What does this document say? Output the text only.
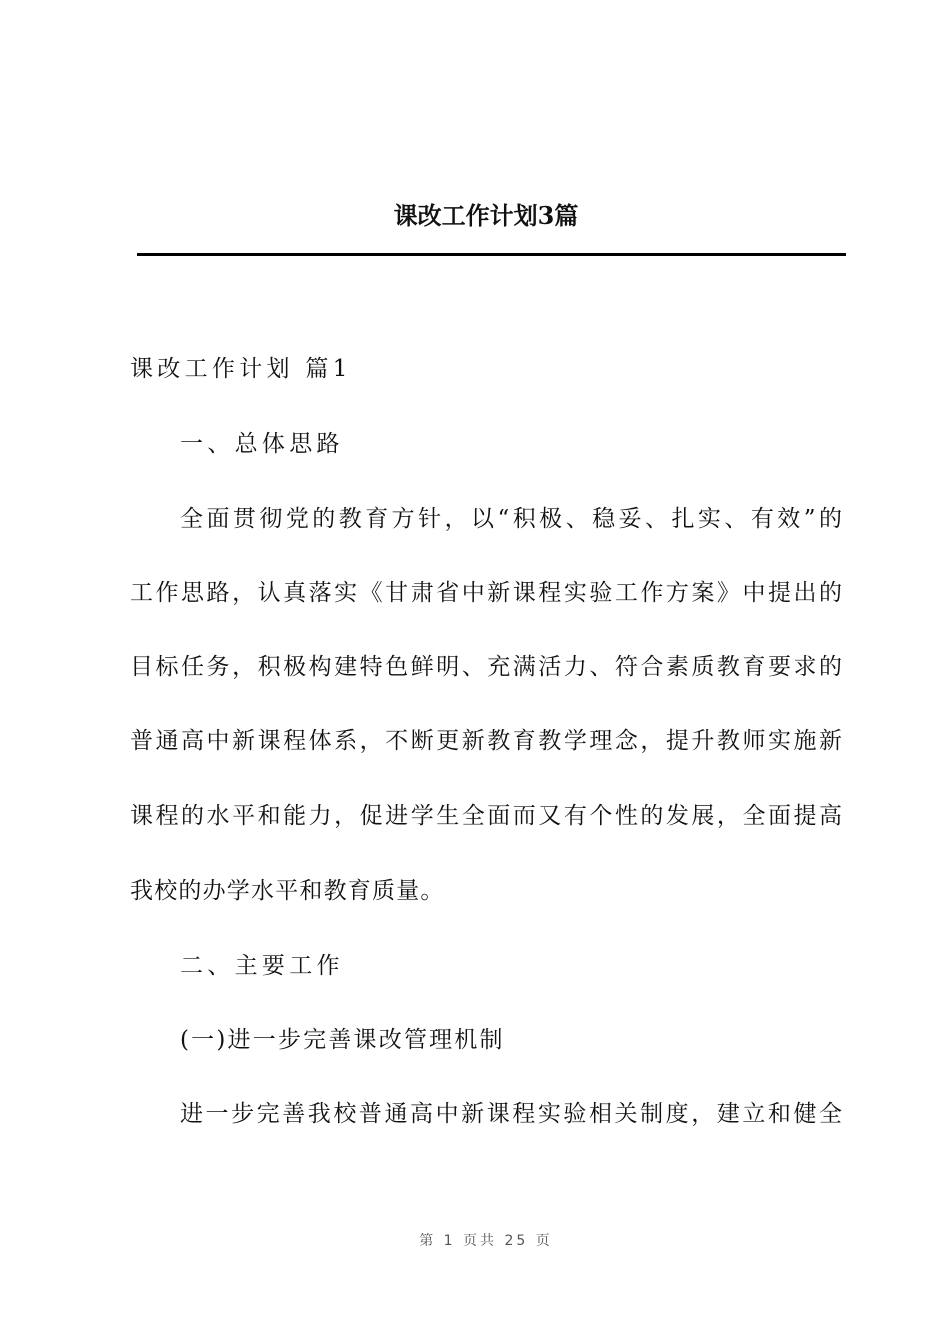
课改工作计划3篇
课改工作计划 篇1
一、总体思路
全面贯彻党的教育方针，以“积极、稳妥、扎实、有效”的
工作思路，认真落实《甘肃省中新课程实验工作方案》中提出的
目标任务，积极构建特色鲜明、充满活力、符合素质教育要求的
普通高中新课程体系，不断更新教育教学理念，提升教师实施新
课程的水平和能力，促进学生全面而又有个性的发展，全面提高
我校的办学水平和教育质量。
二、主要工作
(一)进一步完善课改管理机制
进一步完善我校普通高中新课程实验相关制度，建立和健全
第 1 页共 25 页
